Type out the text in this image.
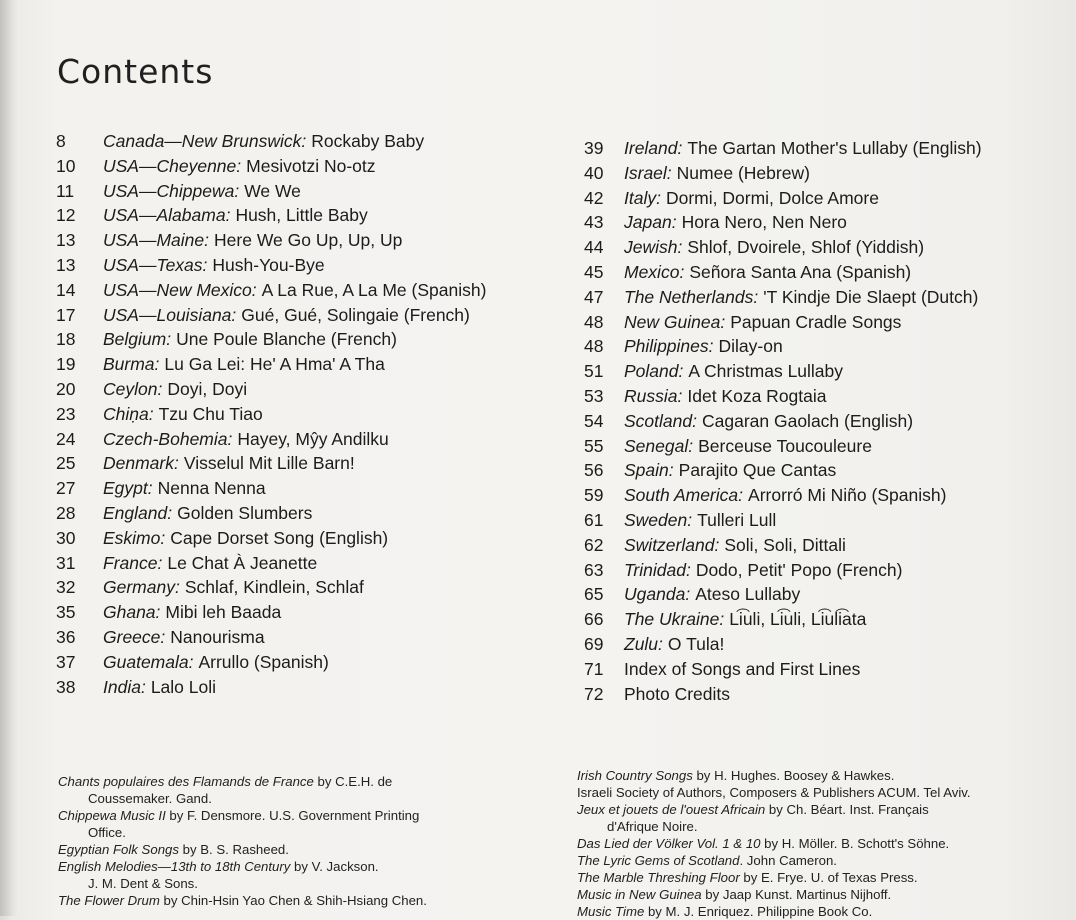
Contents
8 Canada—New Brunswick : Rockaby Baby
10 USA—Cheyenne : Mesivotzi No-otz
11 USA—Chippewa : We We
12 USA—Alabama : Hush, Little Baby
13 USA—Maine : Here We Go Up, Up, Up
13 USA—Texas : Hush-You-Bye
14 USA—New Mexico : A La Rue, A La Me (Spanish)
17 USA—Louisiana : Gué, Gué, Solingaie (French)
18 Belgium : Une Poule Blanche (French)
19 Burma : Lu Ga Lei: He' A Hma' A Tha
20 Ceylon : Doyi, Doyi
23 Chiṇa : Tzu Chu Tiao
24 Czech-Bohemia : Hayey, Mŷy Andilku
25 Denmark : Visselul Mit Lille Barn!
27 Egypt : Nenna Nenna
28 England : Golden Slumbers
30 Eskimo : Cape Dorset Song (English)
31 France : Le Chat À Jeanette
32 Germany : Schlaf, Kindlein, Schlaf
35 Ghana : Mibi leh Baada
36 Greece : Nanourisma
37 Guatemala : Arrullo (Spanish)
38 India : Lalo Loli
39 Ireland : The Gartan Mother's Lullaby (English)
40 Israel : Numee (Hebrew)
42 Italy : Dormi, Dormi, Dolce Amore
43 Japan : Hora Nero, Nen Nero
44 Jewish : Shlof, Dvoirele, Shlof (Yiddish)
45 Mexico : Señora Santa Ana (Spanish)
47 The Netherlands : 'T Kindje Die Slaept (Dutch)
48 New Guinea : Papuan Cradle Songs
48 Philippines : Dilay-on
51 Poland : A Christmas Lullaby
53 Russia : Idet Koza Rogtaia
54 Scotland : Cagaran Gaolach (English)
55 Senegal : Berceuse Toucouleure
56 Spain : Parajito Que Cantas
59 South America : Arrorró Mi Niño (Spanish)
61 Sweden : Tulleri Lull
62 Switzerland : Soli, Soli, Dittali
63 Trinidad : Dodo, Petit' Popo (French)
65 Uganda : Ateso Lullaby
66 The Ukraine : Li͡uli, Li͡uli, Li͡uli͡ata
69 Zulu : O Tula!
71 Index of Songs and First Lines
72 Photo Credits
Chants populaires des Flamands de France by C.E.H. de
Coussemaker. Gand.
Chippewa Music II by F. Densmore. U.S. Government Printing
Office.
Egyptian Folk Songs by B. S. Rasheed.
English Melodies—13th to 18th Century by V. Jackson.
J. M. Dent & Sons.
The Flower Drum by Chin-Hsin Yao Chen & Shih-Hsiang Chen.
Irish Country Songs by H. Hughes. Boosey & Hawkes.
Israeli Society of Authors, Composers & Publishers ACUM. Tel Aviv.
Jeux et jouets de l'ouest Africain by Ch. Béart. Inst. Français
d'Afrique Noire.
Das Lied der Völker Vol. 1 & 10 by H. Möller. B. Schott's Söhne.
The Lyric Gems of Scotland. John Cameron.
The Marble Threshing Floor by E. Frye. U. of Texas Press.
Music in New Guinea by Jaap Kunst. Martinus Nijhoff.
Music Time by M. J. Enriquez. Philippine Book Co.
